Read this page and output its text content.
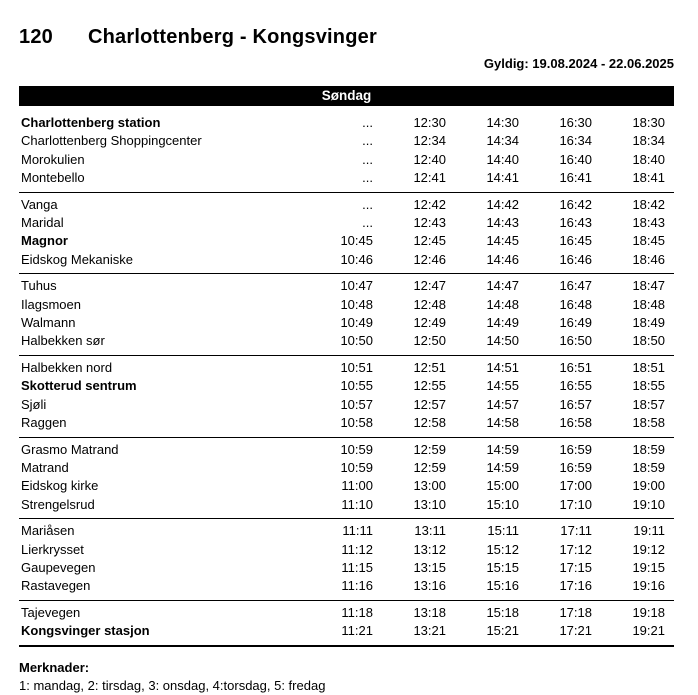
120	Charlottenberg - Kongsvinger
Gyldig: 19.08.2024 - 22.06.2025
Søndag
Charlottenberg station	...	12:30	14:30	16:30	18:30
Charlottenberg Shoppingcenter	...	12:34	14:34	16:34	18:34
Morokulien	...	12:40	14:40	16:40	18:40
Montebello	...	12:41	14:41	16:41	18:41
Vanga	...	12:42	14:42	16:42	18:42
Maridal	...	12:43	14:43	16:43	18:43
Magnor	10:45	12:45	14:45	16:45	18:45
Eidskog Mekaniske	10:46	12:46	14:46	16:46	18:46
Tuhus	10:47	12:47	14:47	16:47	18:47
Ilagsmoen	10:48	12:48	14:48	16:48	18:48
Walmann	10:49	12:49	14:49	16:49	18:49
Halbekken sør	10:50	12:50	14:50	16:50	18:50
Halbekken nord	10:51	12:51	14:51	16:51	18:51
Skotterud sentrum	10:55	12:55	14:55	16:55	18:55
Sjøli	10:57	12:57	14:57	16:57	18:57
Raggen	10:58	12:58	14:58	16:58	18:58
Grasmo Matrand	10:59	12:59	14:59	16:59	18:59
Matrand	10:59	12:59	14:59	16:59	18:59
Eidskog kirke	11:00	13:00	15:00	17:00	19:00
Strengelsrud	11:10	13:10	15:10	17:10	19:10
Mariåsen	11:11	13:11	15:11	17:11	19:11
Lierkrysset	11:12	13:12	15:12	17:12	19:12
Gaupevegen	11:15	13:15	15:15	17:15	19:15
Rastavegen	11:16	13:16	15:16	17:16	19:16
Tajevegen	11:18	13:18	15:18	17:18	19:18
Kongsvinger stasjon	11:21	13:21	15:21	17:21	19:21
Merknader:
1: mandag, 2: tirsdag, 3: onsdag, 4:torsdag, 5: fredag
